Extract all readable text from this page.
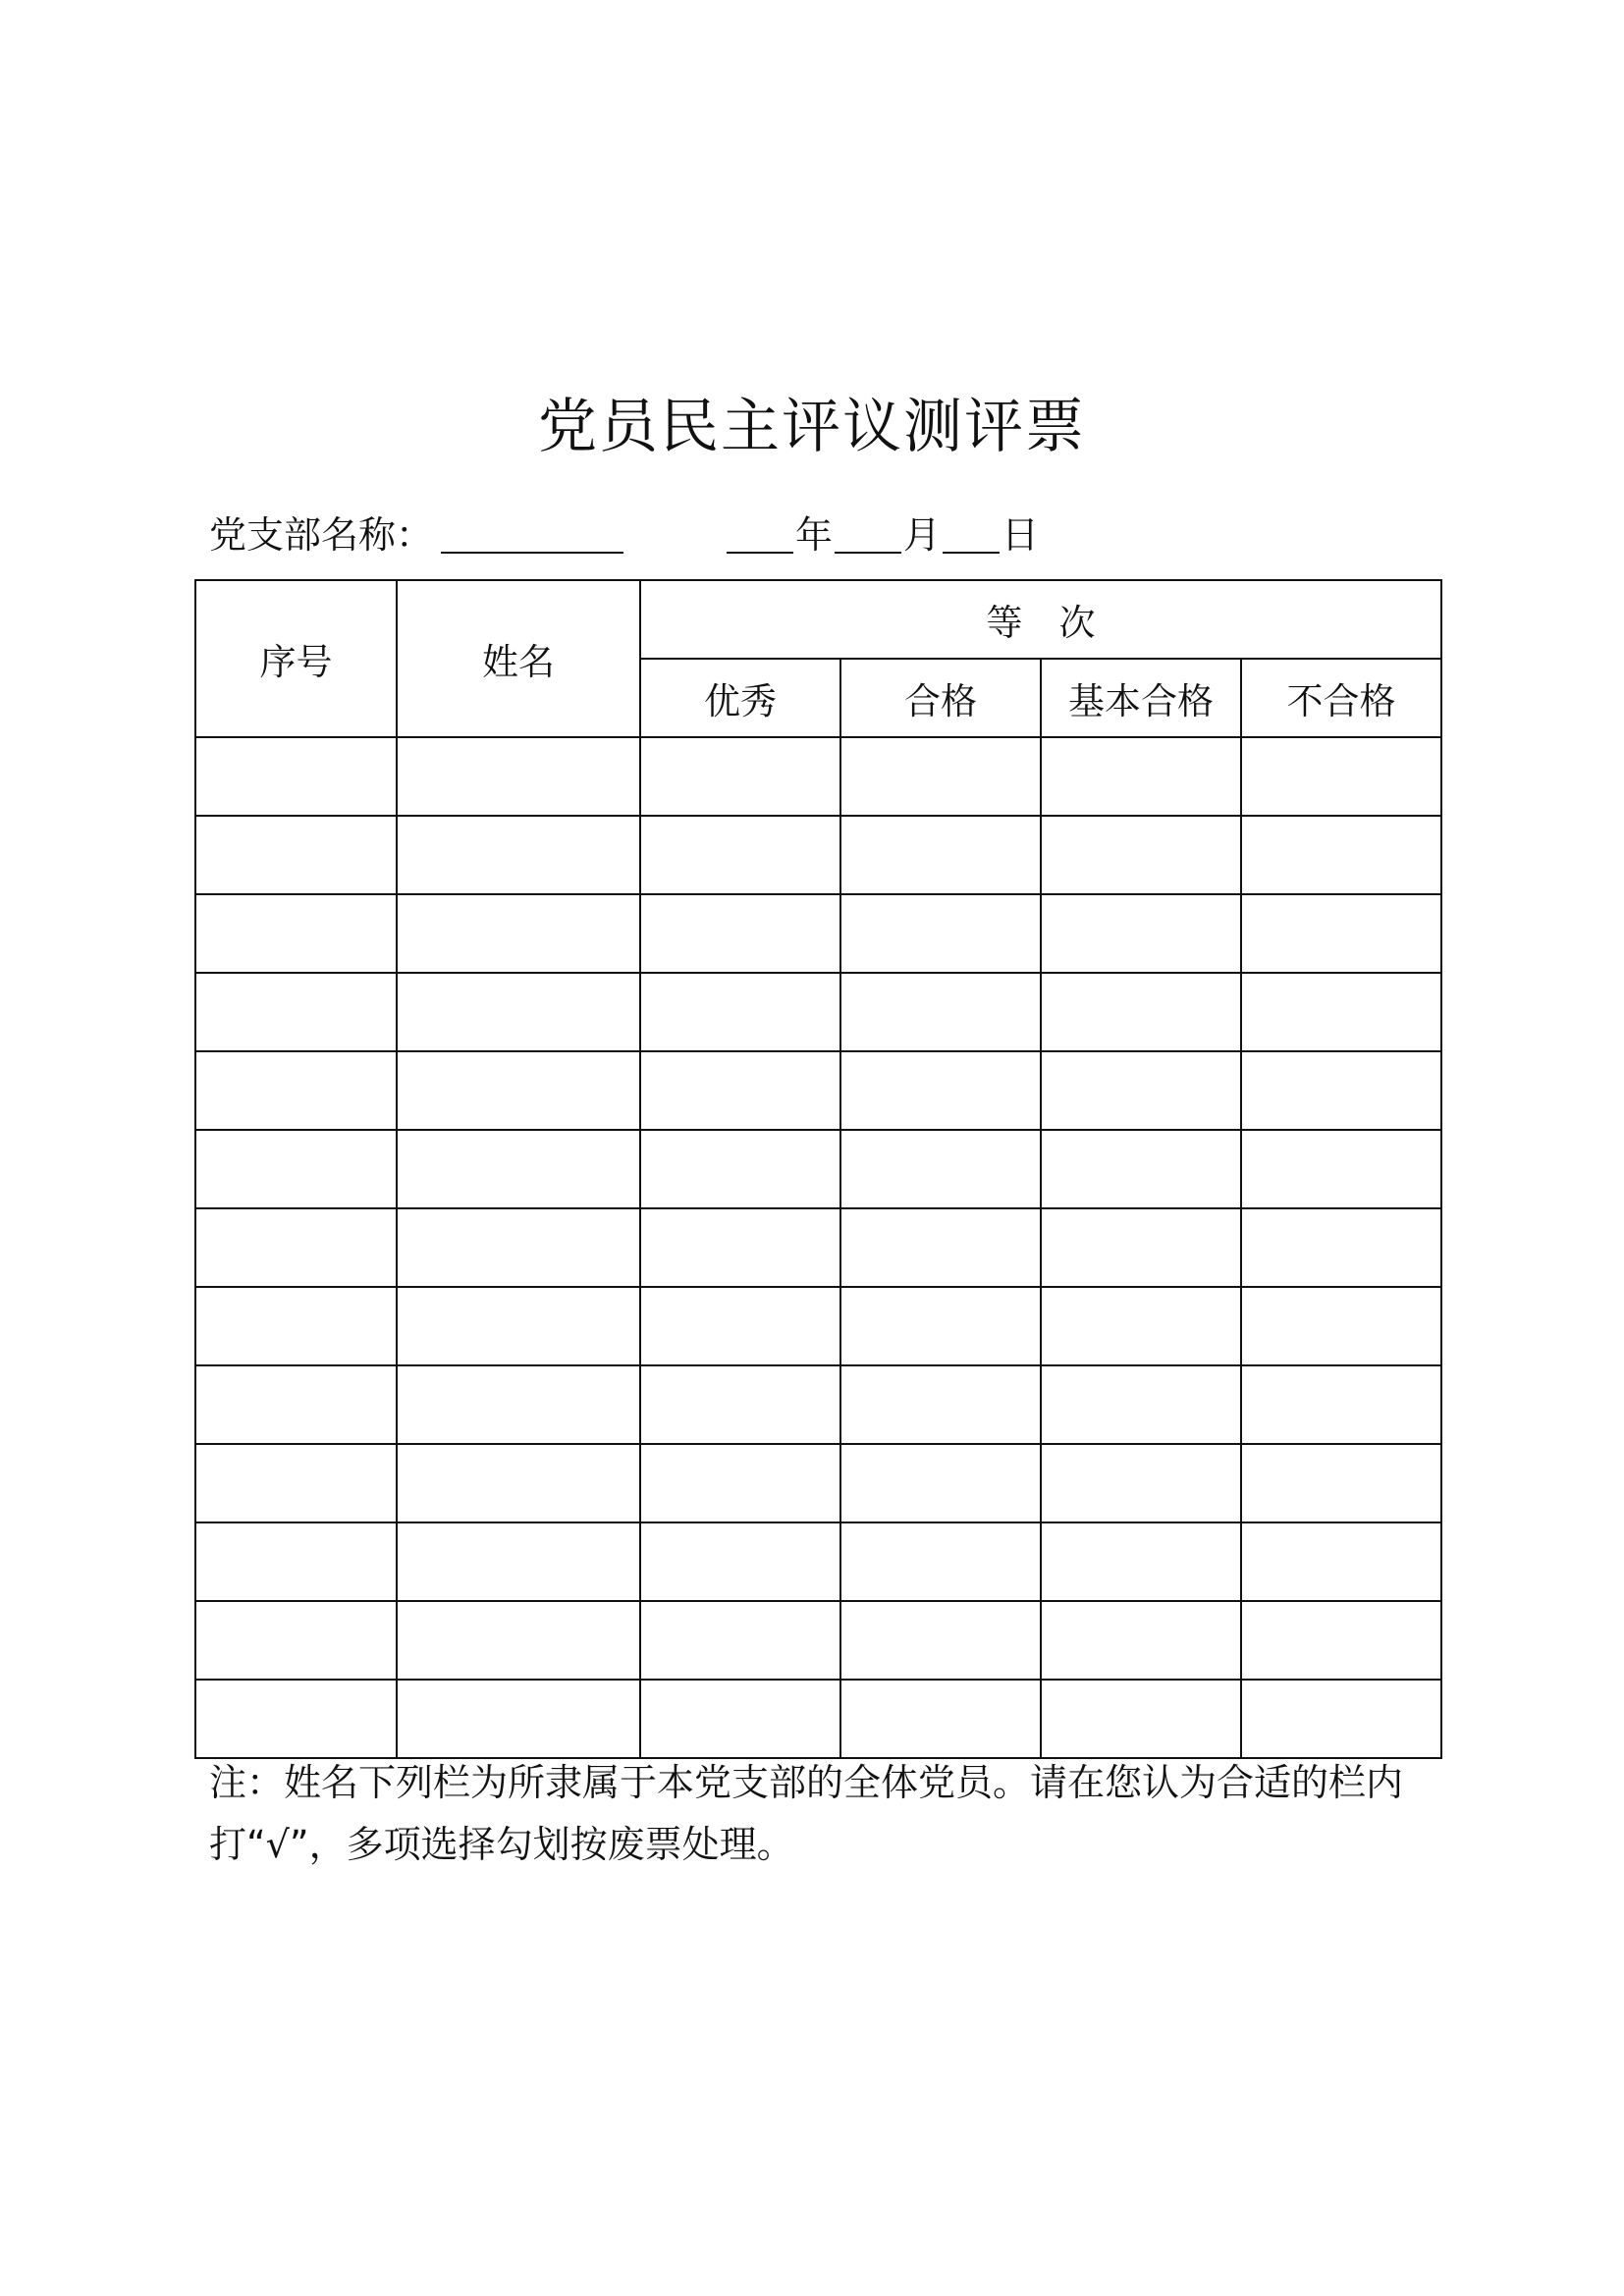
党员民主评议测评票
党支部名称：	年 月 日
序号	姓名	等　次			
		优秀	合格	基本合格	不合格

注：姓名下列栏为所隶属于本党支部的全体党员。请在您认为合适的栏内打“√”，多项选择勾划按废票处理。
